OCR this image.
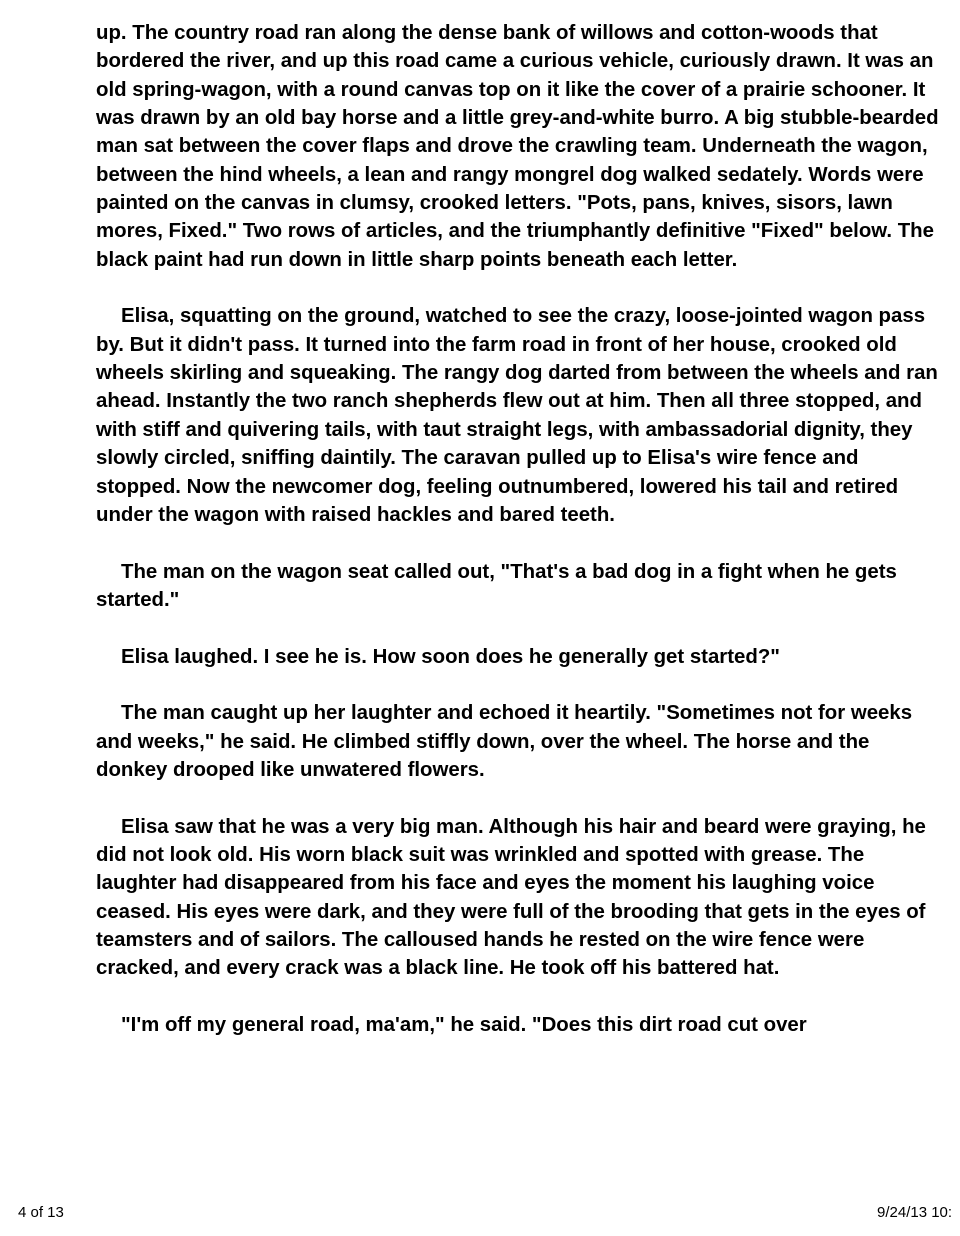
up. The country road ran along the dense bank of willows and cotton-woods that bordered the river, and up this road came a curious vehicle, curiously drawn. It was an old spring-wagon, with a round canvas top on it like the cover of a prairie schooner. It was drawn by an old bay horse and a little grey-and-white burro. A big stubble-bearded man sat between the cover flaps and drove the crawling team. Underneath the wagon, between the hind wheels, a lean and rangy mongrel dog walked sedately. Words were painted on the canvas in clumsy, crooked letters. "Pots, pans, knives, sisors, lawn mores, Fixed." Two rows of articles, and the triumphantly definitive "Fixed" below. The black paint had run down in little sharp points beneath each letter.

Elisa, squatting on the ground, watched to see the crazy, loose-jointed wagon pass by. But it didn't pass. It turned into the farm road in front of her house, crooked old wheels skirling and squeaking. The rangy dog darted from between the wheels and ran ahead. Instantly the two ranch shepherds flew out at him. Then all three stopped, and with stiff and quivering tails, with taut straight legs, with ambassadorial dignity, they slowly circled, sniffing daintily. The caravan pulled up to Elisa's wire fence and stopped. Now the newcomer dog, feeling outnumbered, lowered his tail and retired under the wagon with raised hackles and bared teeth.

The man on the wagon seat called out, "That's a bad dog in a fight when he gets started."

Elisa laughed. I see he is. How soon does he generally get started?"

The man caught up her laughter and echoed it heartily. "Sometimes not for weeks and weeks," he said. He climbed stiffly down, over the wheel. The horse and the donkey drooped like unwatered flowers.

Elisa saw that he was a very big man. Although his hair and beard were graying, he did not look old. His worn black suit was wrinkled and spotted with grease. The laughter had disappeared from his face and eyes the moment his laughing voice ceased. His eyes were dark, and they were full of the brooding that gets in the eyes of teamsters and of sailors. The calloused hands he rested on the wire fence were cracked, and every crack was a black line. He took off his battered hat.

"I'm off my general road, ma'am," he said. "Does this dirt road cut over

4 of 13	9/24/13 10:
